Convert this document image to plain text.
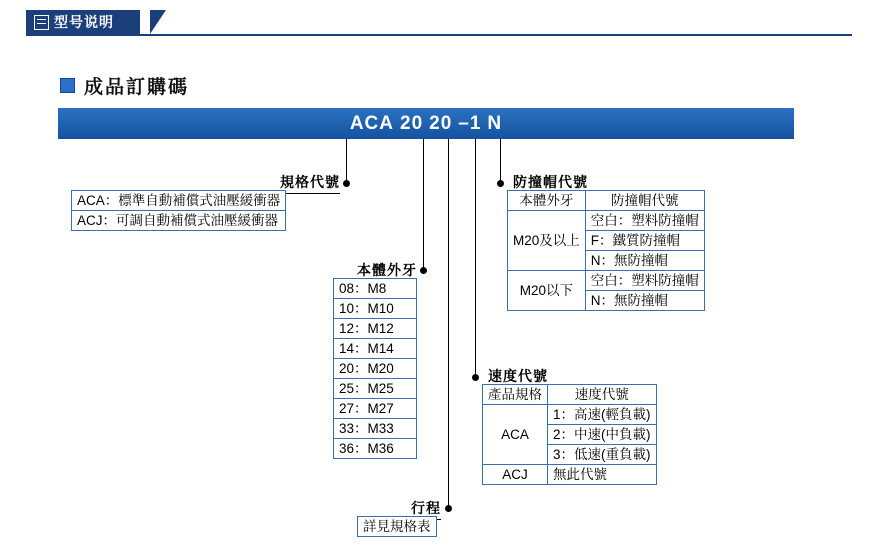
型号说明
成品訂購碼
ACA 20 20 –1 N
規格代號
ACA：標準自動補償式油壓緩衝器
ACJ：可調自動補償式油壓緩衝器
本體外牙
08：M8
10：M10
12：M12
14：M14
20：M20
25：M25
27：M27
33：M33
36：M36
行程
詳見規格表
防撞帽代號
本體外牙	防撞帽代號
M20及以上	空白：塑料防撞帽
	F：鐵質防撞帽
	N：無防撞帽
M20以下	空白：塑料防撞帽
	N：無防撞帽
速度代號
產品規格	速度代號
ACA	1：高速(輕負載)
	2：中速(中負載)
	3：低速(重負載)
ACJ	無此代號
